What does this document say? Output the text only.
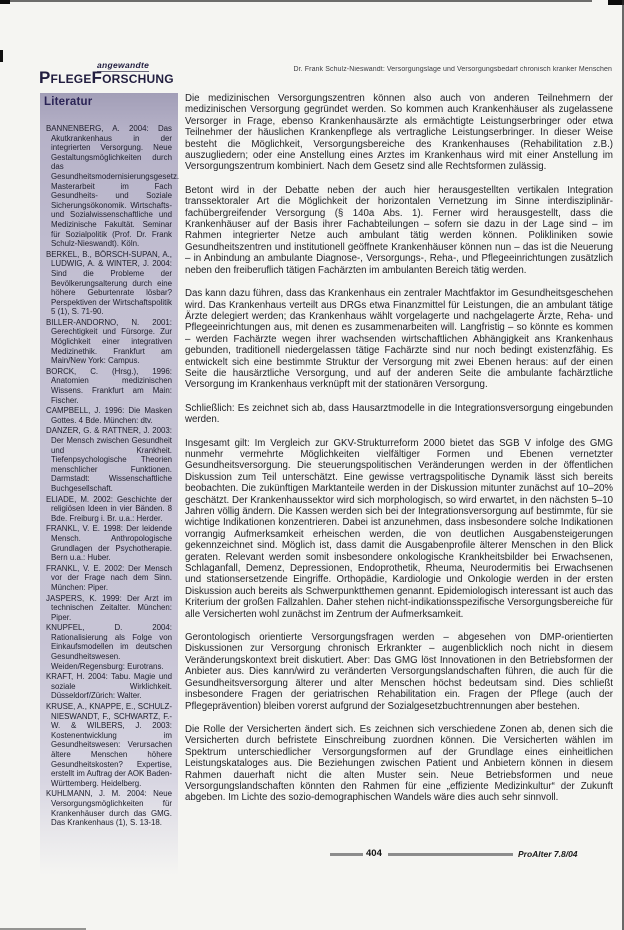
angewandte
PflegeForschung	Dr. Frank Schulz-Nieswandt: Versorgungslage und Versorgungsbedarf chronisch kranker Menschen
Literatur
BANNENBERG, A. 2004: Das Akutkrankenhaus in der integrierten Versorgung. Neue Gestaltungsmöglichkeiten durch das Gesundheitsmodernisierungsgesetz. Masterarbeit im Fach Gesundheits- und Soziale Sicherungsökonomik. Wirtschafts- und Sozialwissenschaftliche und Medizinische Fakultät. Seminar für Sozialpolitik (Prof. Dr. Frank Schulz-Nieswandt). Köln.
BERKEL, B., BÖRSCH-SUPAN, A., LUDWIG, A. & WINTER, J. 2004: Sind die Probleme der Bevölkerungsalterung durch eine höhere Geburtenrate lösbar? Perspektiven der Wirtschaftspolitik 5 (1), S. 71-90.
BILLER-ANDORNO, N. 2001: Gerechtigkeit und Fürsorge. Zur Möglichkeit einer integrativen Medizinethik. Frankfurt am Main/New York: Campus.
BORCK, C. (Hrsg.), 1996: Anatomien medizinischen Wissens. Frankfurt am Main: Fischer.
CAMPBELL, J. 1996: Die Masken Gottes. 4 Bde. München: dtv.
DANZER, G. & RATTNER, J. 2003: Der Mensch zwischen Gesundheit und Krankheit. Tiefenpsychologische Theorien menschlicher Funktionen. Darmstadt: Wissenschaftliche Buchgesellschaft.
ELIADE, M. 2002: Geschichte der religiösen Ideen in vier Bänden. 8 Bde. Freiburg i. Br. u.a.: Herder.
FRANKL, V. E. 1998: Der leidende Mensch. Anthropologische Grundlagen der Psychotherapie. Bern u.a.: Huber.
FRANKL, V. E. 2002: Der Mensch vor der Frage nach dem Sinn. München: Piper.
JASPERS, K. 1999: Der Arzt im technischen Zeitalter. München: Piper.
KNUPFEL, D. 2004: Rationalisierung als Folge von Einkaufsmodellen im deutschen Gesundheitswesen. Weiden/Regensburg: Eurotrans.
KRAFT, H. 2004: Tabu. Magie und soziale Wirklichkeit. Düsseldorf/Zürich: Walter.
KRUSE, A., KNAPPE, E., SCHULZ-NIESWANDT, F., SCHWARTZ, F.-W. & WILBERS, J. 2003: Kostenentwicklung im Gesundheitswesen: Verursachen ältere Menschen höhere Gesundheitskosten? Expertise, erstellt im Auftrag der AOK Baden-Württemberg. Heidelberg.
KUHLMANN, J. M. 2004: Neue Versorgungsmöglichkeiten für Krankenhäuser durch das GMG. Das Krankenhaus (1), S. 13-18.

Die medizinischen Versorgungszentren können also auch von anderen Teilnehmern der medizinischen Versorgung gegründet werden. So kommen auch Krankenhäuser als zugelassene Versorger in Frage, ebenso Krankenhausärzte als ermächtigte Leistungserbringer oder etwa Teilnehmer der häuslichen Krankenpflege als vertragliche Leistungserbringer. In dieser Weise besteht die Möglichkeit, Versorgungsbereiche des Krankenhauses (Rehabilitation z.B.) auszugliedern; oder eine Anstellung eines Arztes im Krankenhaus wird mit einer Anstellung im Versorgungszentrum kombiniert. Nach dem Gesetz sind alle Rechtsformen zulässig.

Betont wird in der Debatte neben der auch hier herausgestellten vertikalen Integration transsektoraler Art die Möglichkeit der horizontalen Vernetzung im Sinne interdisziplinär-fachübergreifender Versorgung (§ 140a Abs. 1). Ferner wird herausgestellt, dass die Krankenhäuser auf der Basis ihrer Fachabteilungen – sofern sie dazu in der Lage sind – im Rahmen integrierter Netze auch ambulant tätig werden können. Polikliniken sowie Gesundheitszentren und institutionell geöffnete Krankenhäuser können nun – das ist die Neuerung – in Anbindung an ambulante Diagnose-, Versorgungs-, Reha-, und Pflegeeinrichtungen zusätzlich neben den freiberuflich tätigen Fachärzten im ambulanten Bereich tätig werden.

Das kann dazu führen, dass das Krankenhaus ein zentraler Machtfaktor im Gesundheitsgeschehen wird. Das Krankenhaus verteilt aus DRGs etwa Finanzmittel für Leistungen, die an ambulant tätige Ärzte delegiert werden; das Krankenhaus wählt vorgelagerte und nachgelagerte Ärzte, Reha- und Pflegeeinrichtungen aus, mit denen es zusammenarbeiten will. Langfristig – so könnte es kommen – werden Fachärzte wegen ihrer wachsenden wirtschaftlichen Abhängigkeit ans Krankenhaus gebunden, traditionell niedergelassen tätige Fachärzte sind nur noch bedingt existenzfähig. Es entwickelt sich eine bestimmte Struktur der Versorgung mit zwei Ebenen heraus: auf der einen Seite die hausärztliche Versorgung, und auf der anderen Seite die ambulante fachärztliche Versorgung im Krankenhaus verknüpft mit der stationären Versorgung.

Schließlich: Es zeichnet sich ab, dass Hausarztmodelle in die Integrationsversorgung eingebunden werden.

Insgesamt gilt: Im Vergleich zur GKV-Strukturreform 2000 bietet das SGB V infolge des GMG nunmehr vermehrte Möglichkeiten vielfältiger Formen und Ebenen vernetzter Gesundheitsversorgung. Die steuerungspolitischen Veränderungen werden in der öffentlichen Diskussion zum Teil unterschätzt. Eine gewisse vertragspolitische Dynamik lässt sich bereits beobachten. Die zukünftigen Marktanteile werden in der Diskussion mitunter zunächst auf 10–20% geschätzt. Der Krankenhaussektor wird sich morphologisch, so wird erwartet, in den nächsten 5–10 Jahren völlig ändern. Die Kassen werden sich bei der Integrationsversorgung auf bestimmte, für sie wichtige Indikationen konzentrieren. Dabei ist anzunehmen, dass insbesondere solche Indikationen vorrangig Aufmerksamkeit erheischen werden, die von deutlichen Ausgabensteigerungen gekennzeichnet sind. Möglich ist, dass damit die Ausgabenprofile älterer Menschen in den Blick geraten. Relevant werden somit insbesondere onkologische Krankheitsbilder bei Erwachsenen, Schlaganfall, Demenz, Depressionen, Endoprothetik, Rheuma, Neurodermitis bei Erwachsenen und stationsersetzende Eingriffe. Orthopädie, Kardiologie und Onkologie werden in der ersten Diskussion auch bereits als Schwerpunktthemen genannt. Epidemiologisch interessant ist auch das Kriterium der großen Fallzahlen. Daher stehen nicht-indikationsspezifische Versorgungsbereiche für alle Versicherten wohl zunächst im Zentrum der Aufmerksamkeit.

Gerontologisch orientierte Versorgungsfragen werden – abgesehen von DMP-orientierten Diskussionen zur Versorgung chronisch Erkrankter – augenblicklich noch nicht in diesem Veränderungskontext breit diskutiert. Aber: Das GMG löst Innovationen in den Betriebsformen der Anbieter aus. Dies kann/wird zu veränderten Versorgungslandschaften führen, die auch für die Gesundheitsversorgung älterer und alter Menschen höchst bedeutsam sind. Dies schließt insbesondere Fragen der geriatrischen Rehabilitation ein. Fragen der Pflege (auch der Pflegeprävention) bleiben vorerst aufgrund der Sozialgesetzbuchtrennungen aber bestehen.

Die Rolle der Versicherten ändert sich. Es zeichnen sich verschiedene Zonen ab, denen sich die Versicherten durch befristete Einschreibung zuordnen können. Die Versicherten wählen im Spektrum unterschiedlicher Versorgungsformen auf der Grundlage eines einheitlichen Leistungskataloges aus. Die Beziehungen zwischen Patient und Anbietern können in diesem Rahmen dauerhaft nicht die alten Muster sein. Neue Betriebsformen und neue Versorgungslandschaften könnten den Rahmen für eine „effiziente Medizinkultur“ der Zukunft abgeben. Im Lichte des sozio-demographischen Wandels wäre dies auch sehr sinnvoll.

404	ProAlter 7.8/04
